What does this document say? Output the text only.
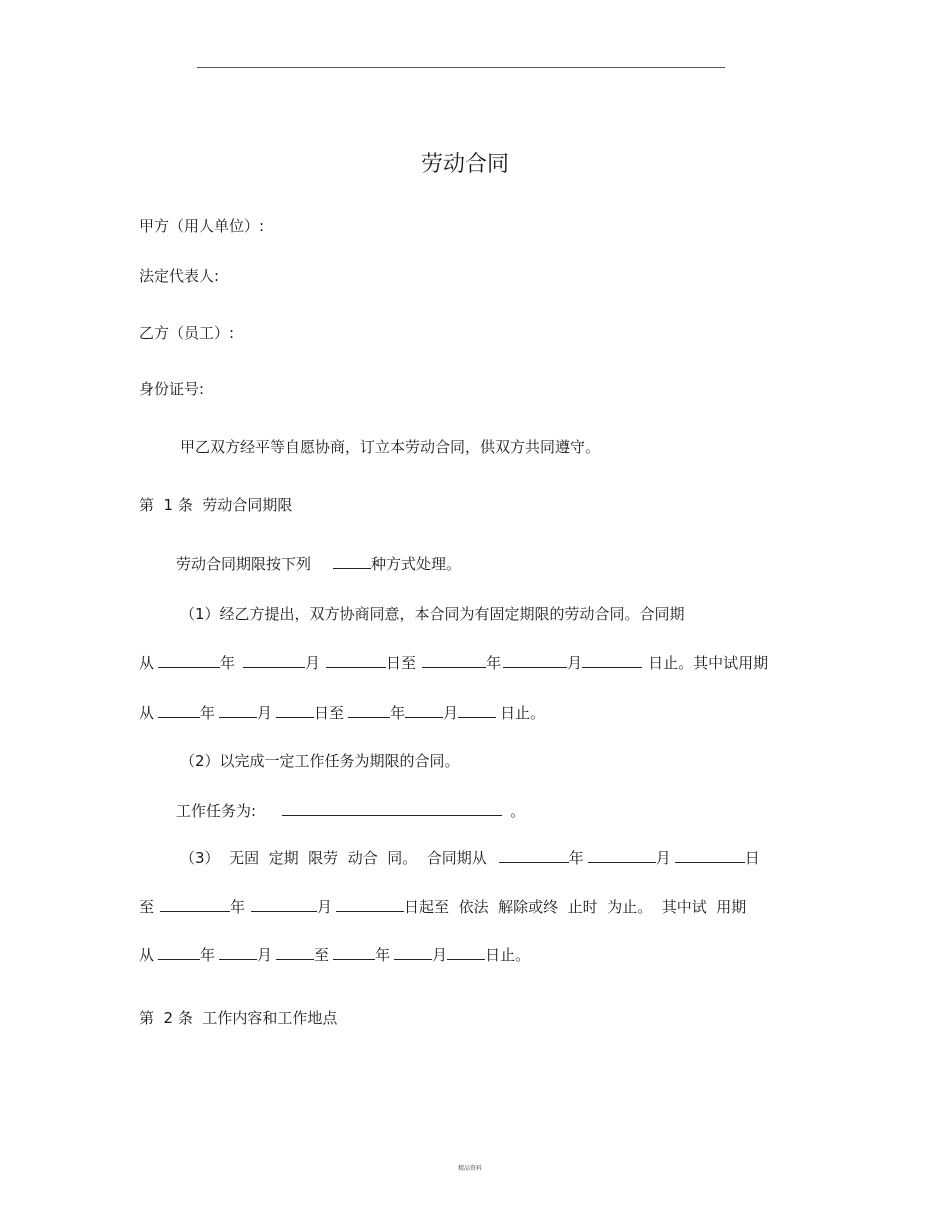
劳动合同
甲方（用人单位）:
法定代表人:
乙方（员工）:
身份证号:
甲乙双方经平等自愿协商，订立本劳动合同，供双方共同遵守。
第  1 条  劳动合同期限
劳动合同期限按下列	种方式处理。
（1）经乙方提出，双方协商同意，本合同为有固定期限的劳动合同。合同期
从	年	月	日至	年	月	日止。其中试用期
从	年	月	日至	年	月	日止。
（2）以完成一定工作任务为期限的合同。
工作任务为:	。
（3）  无固  定期  限劳  动合  同。  合同期从	年	月	日
至	年	月	日起至  依法  解除或终  止时  为止。  其中试  用期
从	年	月	至	年	月	日止。
第  2 条  工作内容和工作地点
精品资料
